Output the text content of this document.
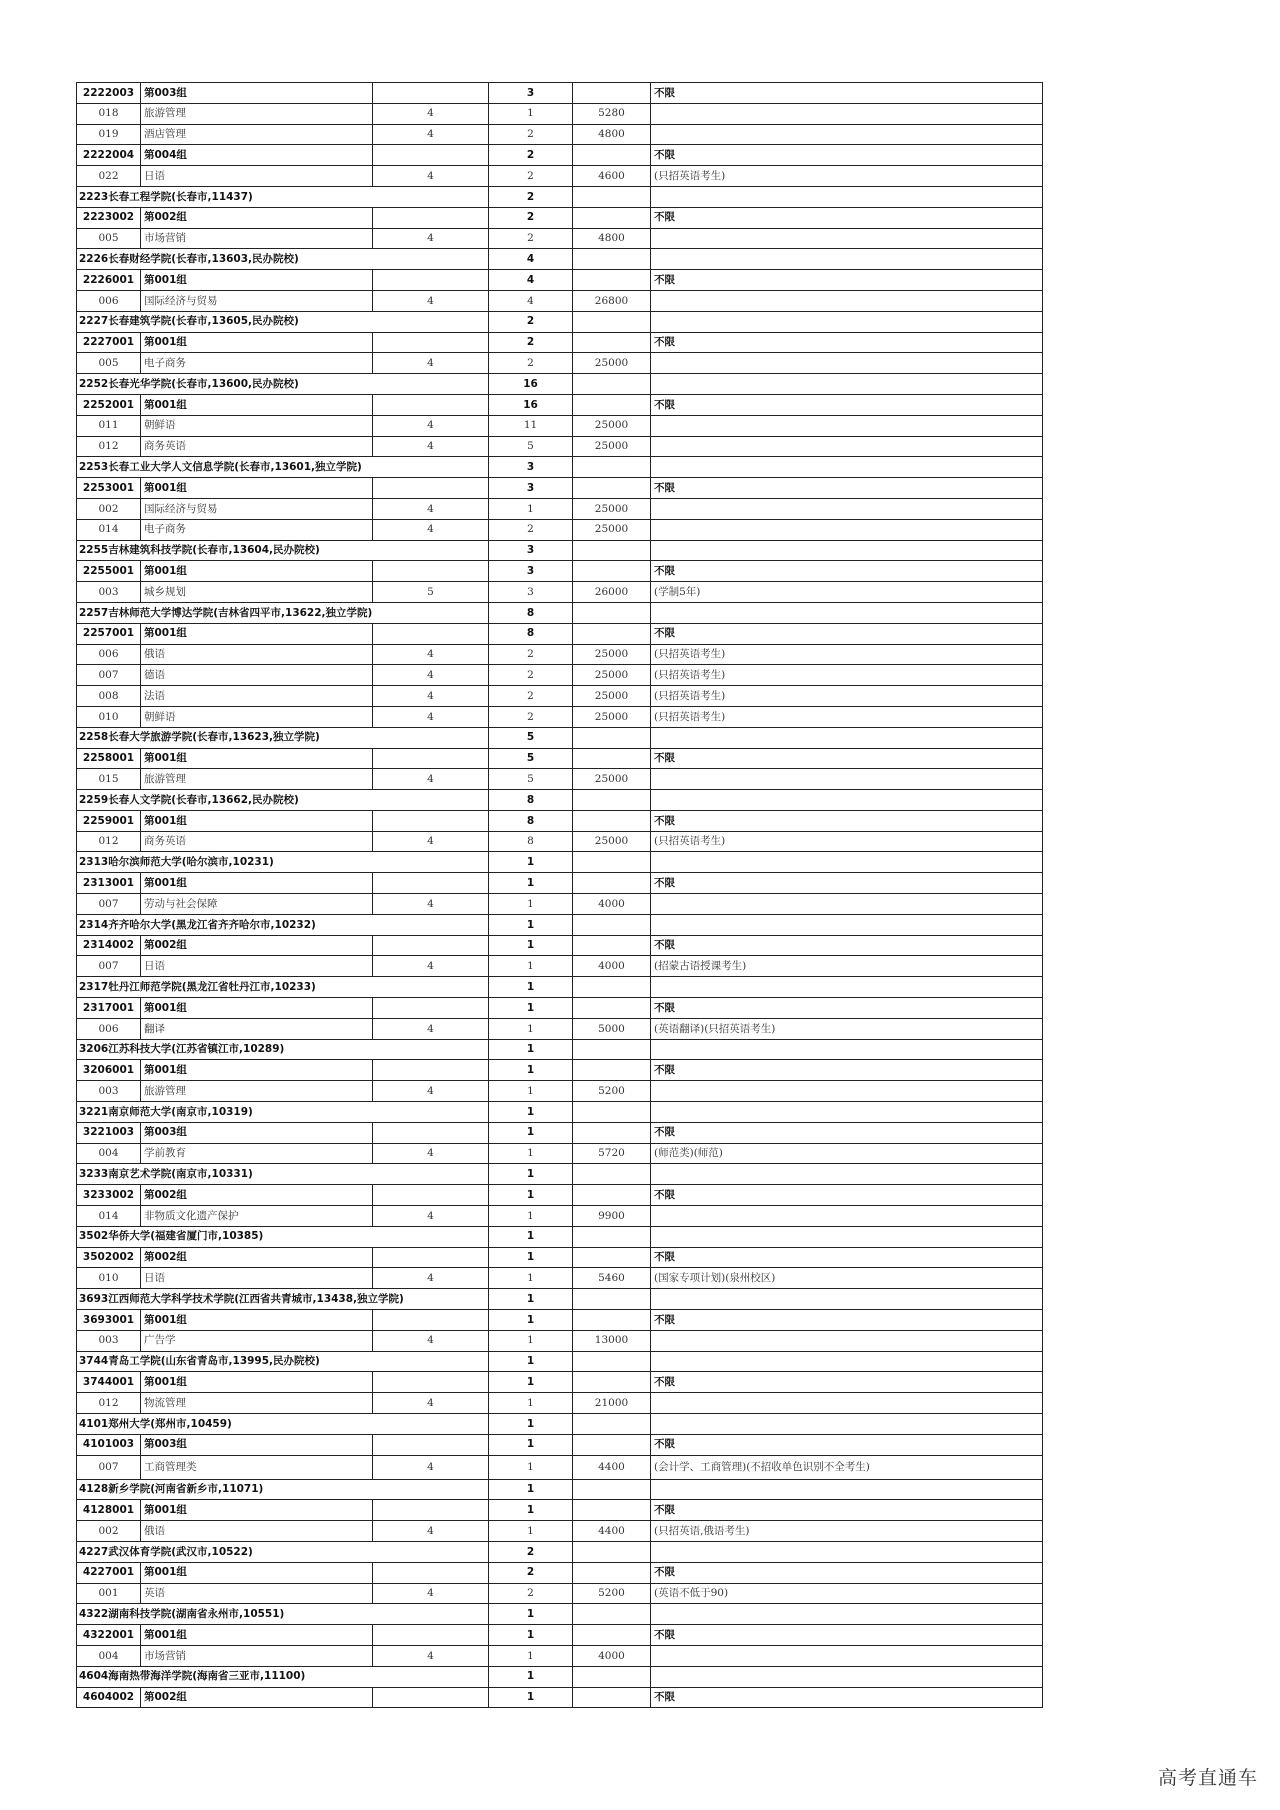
2222003	第003组		3		不限
018	旅游管理	4	1	5280	
019	酒店管理	4	2	4800	
2222004	第004组		2		不限
022	日语	4	2	4600	(只招英语考生)
2223长春工程学院(长春市,11437)			2		
2223002	第002组		2		不限
005	市场营销	4	2	4800	
2226长春财经学院(长春市,13603,民办院校)			4		
2226001	第001组		4		不限
006	国际经济与贸易	4	4	26800	
2227长春建筑学院(长春市,13605,民办院校)			2		
2227001	第001组		2		不限
005	电子商务	4	2	25000	
2252长春光华学院(长春市,13600,民办院校)			16		
2252001	第001组		16		不限
011	朝鲜语	4	11	25000	
012	商务英语	4	5	25000	
2253长春工业大学人文信息学院(长春市,13601,独立学院)			3		
2253001	第001组		3		不限
002	国际经济与贸易	4	1	25000	
014	电子商务	4	2	25000	
2255吉林建筑科技学院(长春市,13604,民办院校)			3		
2255001	第001组		3		不限
003	城乡规划	5	3	26000	(学制5年)
2257吉林师范大学博达学院(吉林省四平市,13622,独立学院)			8		
2257001	第001组		8		不限
006	俄语	4	2	25000	(只招英语考生)
007	德语	4	2	25000	(只招英语考生)
008	法语	4	2	25000	(只招英语考生)
010	朝鲜语	4	2	25000	(只招英语考生)
2258长春大学旅游学院(长春市,13623,独立学院)			5		
2258001	第001组		5		不限
015	旅游管理	4	5	25000	
2259长春人文学院(长春市,13662,民办院校)			8		
2259001	第001组		8		不限
012	商务英语	4	8	25000	(只招英语考生)
2313哈尔滨师范大学(哈尔滨市,10231)			1		
2313001	第001组		1		不限
007	劳动与社会保障	4	1	4000	
2314齐齐哈尔大学(黑龙江省齐齐哈尔市,10232)			1		
2314002	第002组		1		不限
007	日语	4	1	4000	(招蒙古语授课考生)
2317牡丹江师范学院(黑龙江省牡丹江市,10233)			1		
2317001	第001组		1		不限
006	翻译	4	1	5000	(英语翻译)(只招英语考生)
3206江苏科技大学(江苏省镇江市,10289)			1		
3206001	第001组		1		不限
003	旅游管理	4	1	5200	
3221南京师范大学(南京市,10319)			1		
3221003	第003组		1		不限
004	学前教育	4	1	5720	(师范类)(师范)
3233南京艺术学院(南京市,10331)			1		
3233002	第002组		1		不限
014	非物质文化遗产保护	4	1	9900	
3502华侨大学(福建省厦门市,10385)			1		
3502002	第002组		1		不限
010	日语	4	1	5460	(国家专项计划)(泉州校区)
3693江西师范大学科学技术学院(江西省共青城市,13438,独立学院)			1		
3693001	第001组		1		不限
003	广告学	4	1	13000	
3744青岛工学院(山东省青岛市,13995,民办院校)			1		
3744001	第001组		1		不限
012	物流管理	4	1	21000	
4101郑州大学(郑州市,10459)			1		
4101003	第003组		1		不限
007	工商管理类	4	1	4400	(会计学、工商管理)(不招收单色识别不全考生)
4128新乡学院(河南省新乡市,11071)			1		
4128001	第001组		1		不限
002	俄语	4	1	4400	(只招英语,俄语考生)
4227武汉体育学院(武汉市,10522)			2		
4227001	第001组		2		不限
001	英语	4	2	5200	(英语不低于90)
4322湖南科技学院(湖南省永州市,10551)			1		
4322001	第001组		1		不限
004	市场营销	4	1	4000	
4604海南热带海洋学院(海南省三亚市,11100)			1		
4604002	第002组		1		不限
高考直通车
